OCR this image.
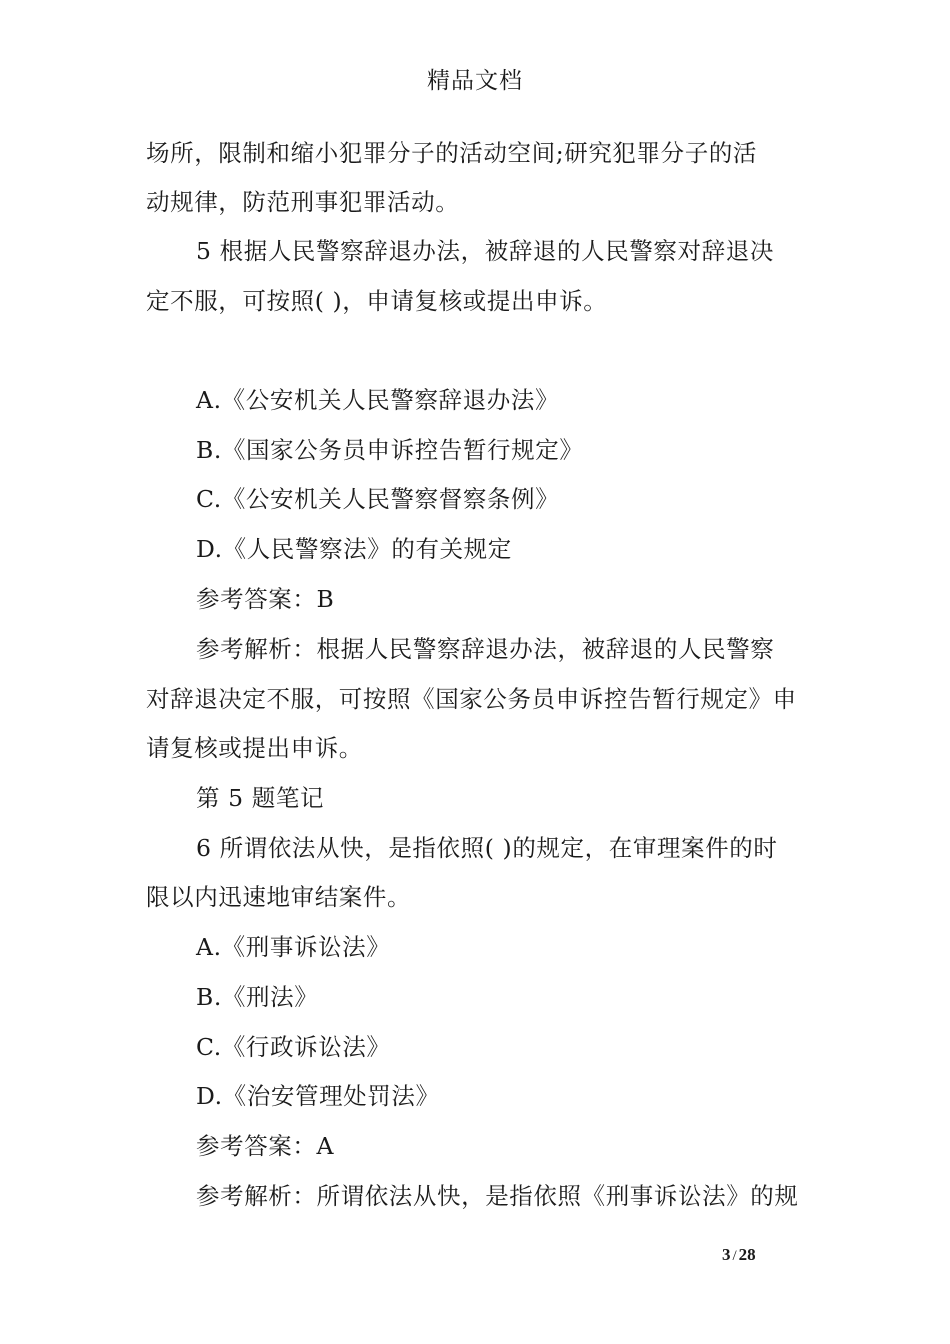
精品文档
场所，限制和缩小犯罪分子的活动空间;研究犯罪分子的活
动规律，防范刑事犯罪活动。
5 根据人民警察辞退办法，被辞退的人民警察对辞退决
定不服，可按照( )，申请复核或提出申诉。
A.《公安机关人民警察辞退办法》
B.《国家公务员申诉控告暂行规定》
C.《公安机关人民警察督察条例》
D.《人民警察法》的有关规定
参考答案：B
参考解析：根据人民警察辞退办法，被辞退的人民警察
对辞退决定不服，可按照《国家公务员申诉控告暂行规定》申
请复核或提出申诉。
第 5 题笔记
6 所谓依法从快，是指依照( )的规定，在审理案件的时
限以内迅速地审结案件。
A.《刑事诉讼法》
B.《刑法》
C.《行政诉讼法》
D.《治安管理处罚法》
参考答案：A
参考解析：所谓依法从快，是指依照《刑事诉讼法》的规
3 / 28
